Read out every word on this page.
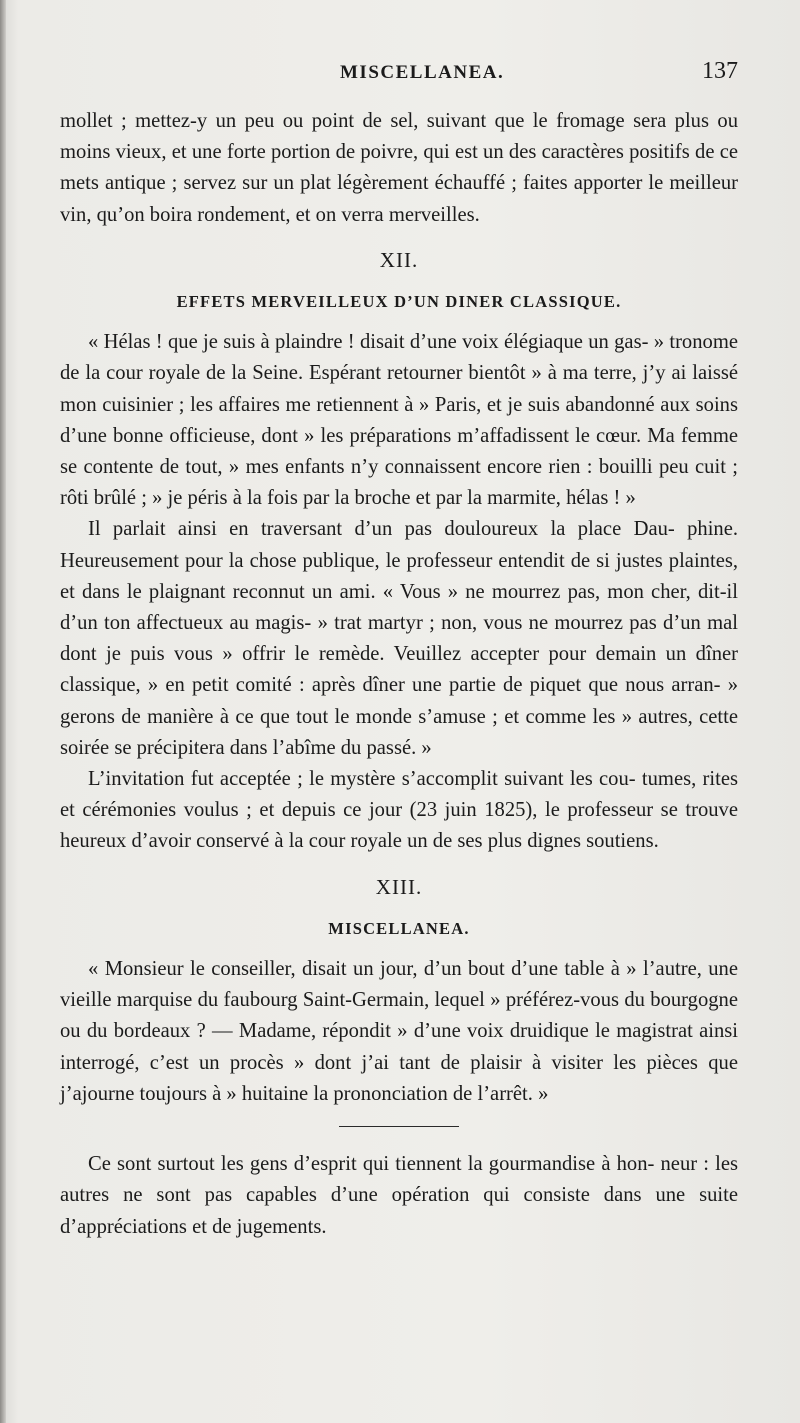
MISCELLANEA.	137

mollet ; mettez-y un peu ou point de sel, suivant que le fromage sera plus ou moins vieux, et une forte portion de poivre, qui est un des caractères positifs de ce mets antique ; servez sur un plat légèrement échauffé ; faites apporter le meilleur vin, qu’on boira rondement, et on verra merveilles.

XII.
EFFETS MERVEILLEUX D’UN DINER CLASSIQUE.

« Hélas ! que je suis à plaindre ! disait d’une voix élégiaque un gas- » tronome de la cour royale de la Seine. Espérant retourner bientôt » à ma terre, j’y ai laissé mon cuisinier ; les affaires me retiennent à » Paris, et je suis abandonné aux soins d’une bonne officieuse, dont » les préparations m’affadissent le cœur. Ma femme se contente de tout, » mes enfants n’y connaissent encore rien : bouilli peu cuit ; rôti brûlé ; » je péris à la fois par la broche et par la marmite, hélas ! »

Il parlait ainsi en traversant d’un pas douloureux la place Dau- phine. Heureusement pour la chose publique, le professeur entendit de si justes plaintes, et dans le plaignant reconnut un ami. « Vous » ne mourrez pas, mon cher, dit-il d’un ton affectueux au magis- » trat martyr ; non, vous ne mourrez pas d’un mal dont je puis vous » offrir le remède. Veuillez accepter pour demain un dîner classique, » en petit comité : après dîner une partie de piquet que nous arran- » gerons de manière à ce que tout le monde s’amuse ; et comme les » autres, cette soirée se précipitera dans l’abîme du passé. »

L’invitation fut acceptée ; le mystère s’accomplit suivant les cou- tumes, rites et cérémonies voulus ; et depuis ce jour (23 juin 1825), le professeur se trouve heureux d’avoir conservé à la cour royale un de ses plus dignes soutiens.

XIII.
MISCELLANEA.

« Monsieur le conseiller, disait un jour, d’un bout d’une table à » l’autre, une vieille marquise du faubourg Saint-Germain, lequel » préférez-vous du bourgogne ou du bordeaux ? — Madame, répondit » d’une voix druidique le magistrat ainsi interrogé, c’est un procès » dont j’ai tant de plaisir à visiter les pièces que j’ajourne toujours à » huitaine la prononciation de l’arrêt. »

Ce sont surtout les gens d’esprit qui tiennent la gourmandise à hon- neur : les autres ne sont pas capables d’une opération qui consiste dans une suite d’appréciations et de jugements.
